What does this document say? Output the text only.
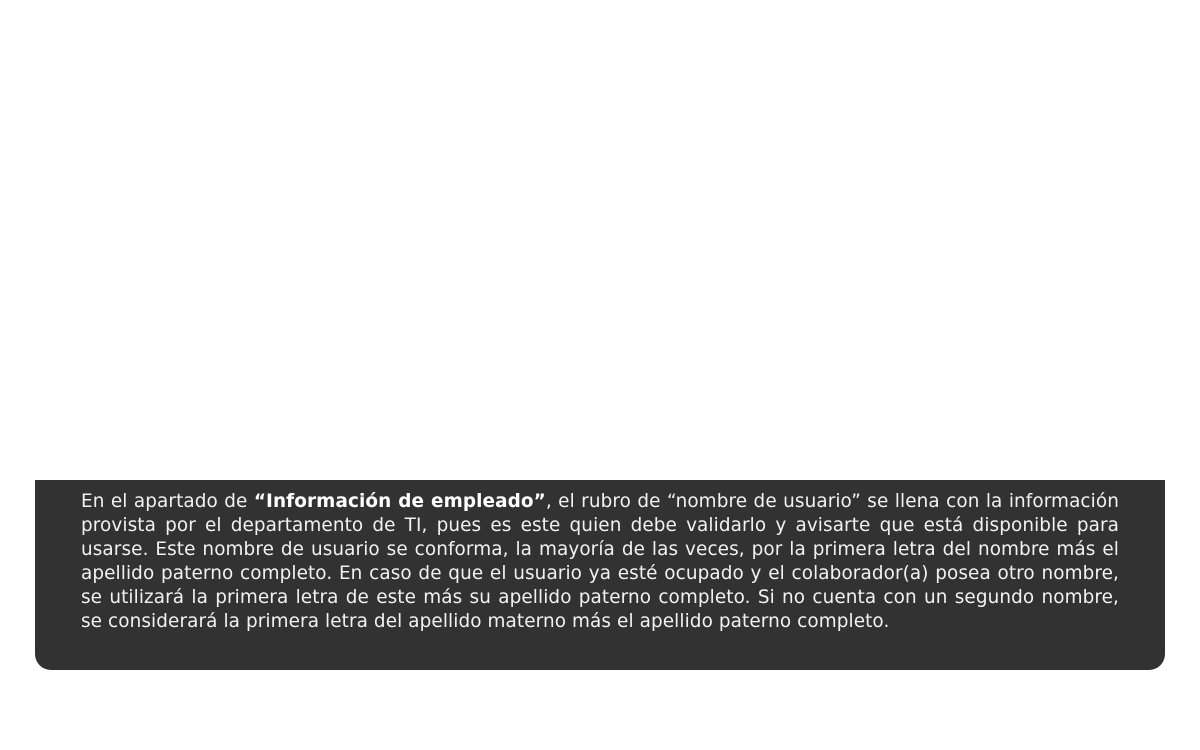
En el apartado de “Información de empleado”, el rubro de “nombre de usuario” se llena con la información provista por el departamento de TI, pues es este quien debe validarlo y avisarte que está disponible para usarse. Este nombre de usuario se conforma, la mayoría de las veces, por la primera letra del nombre más el apellido paterno completo. En caso de que el usuario ya esté ocupado y el colaborador(a) posea otro nombre, se utilizará la primera letra de este más su apellido paterno completo. Si no cuenta con un segundo nombre, se considerará la primera letra del apellido materno más el apellido paterno completo.
